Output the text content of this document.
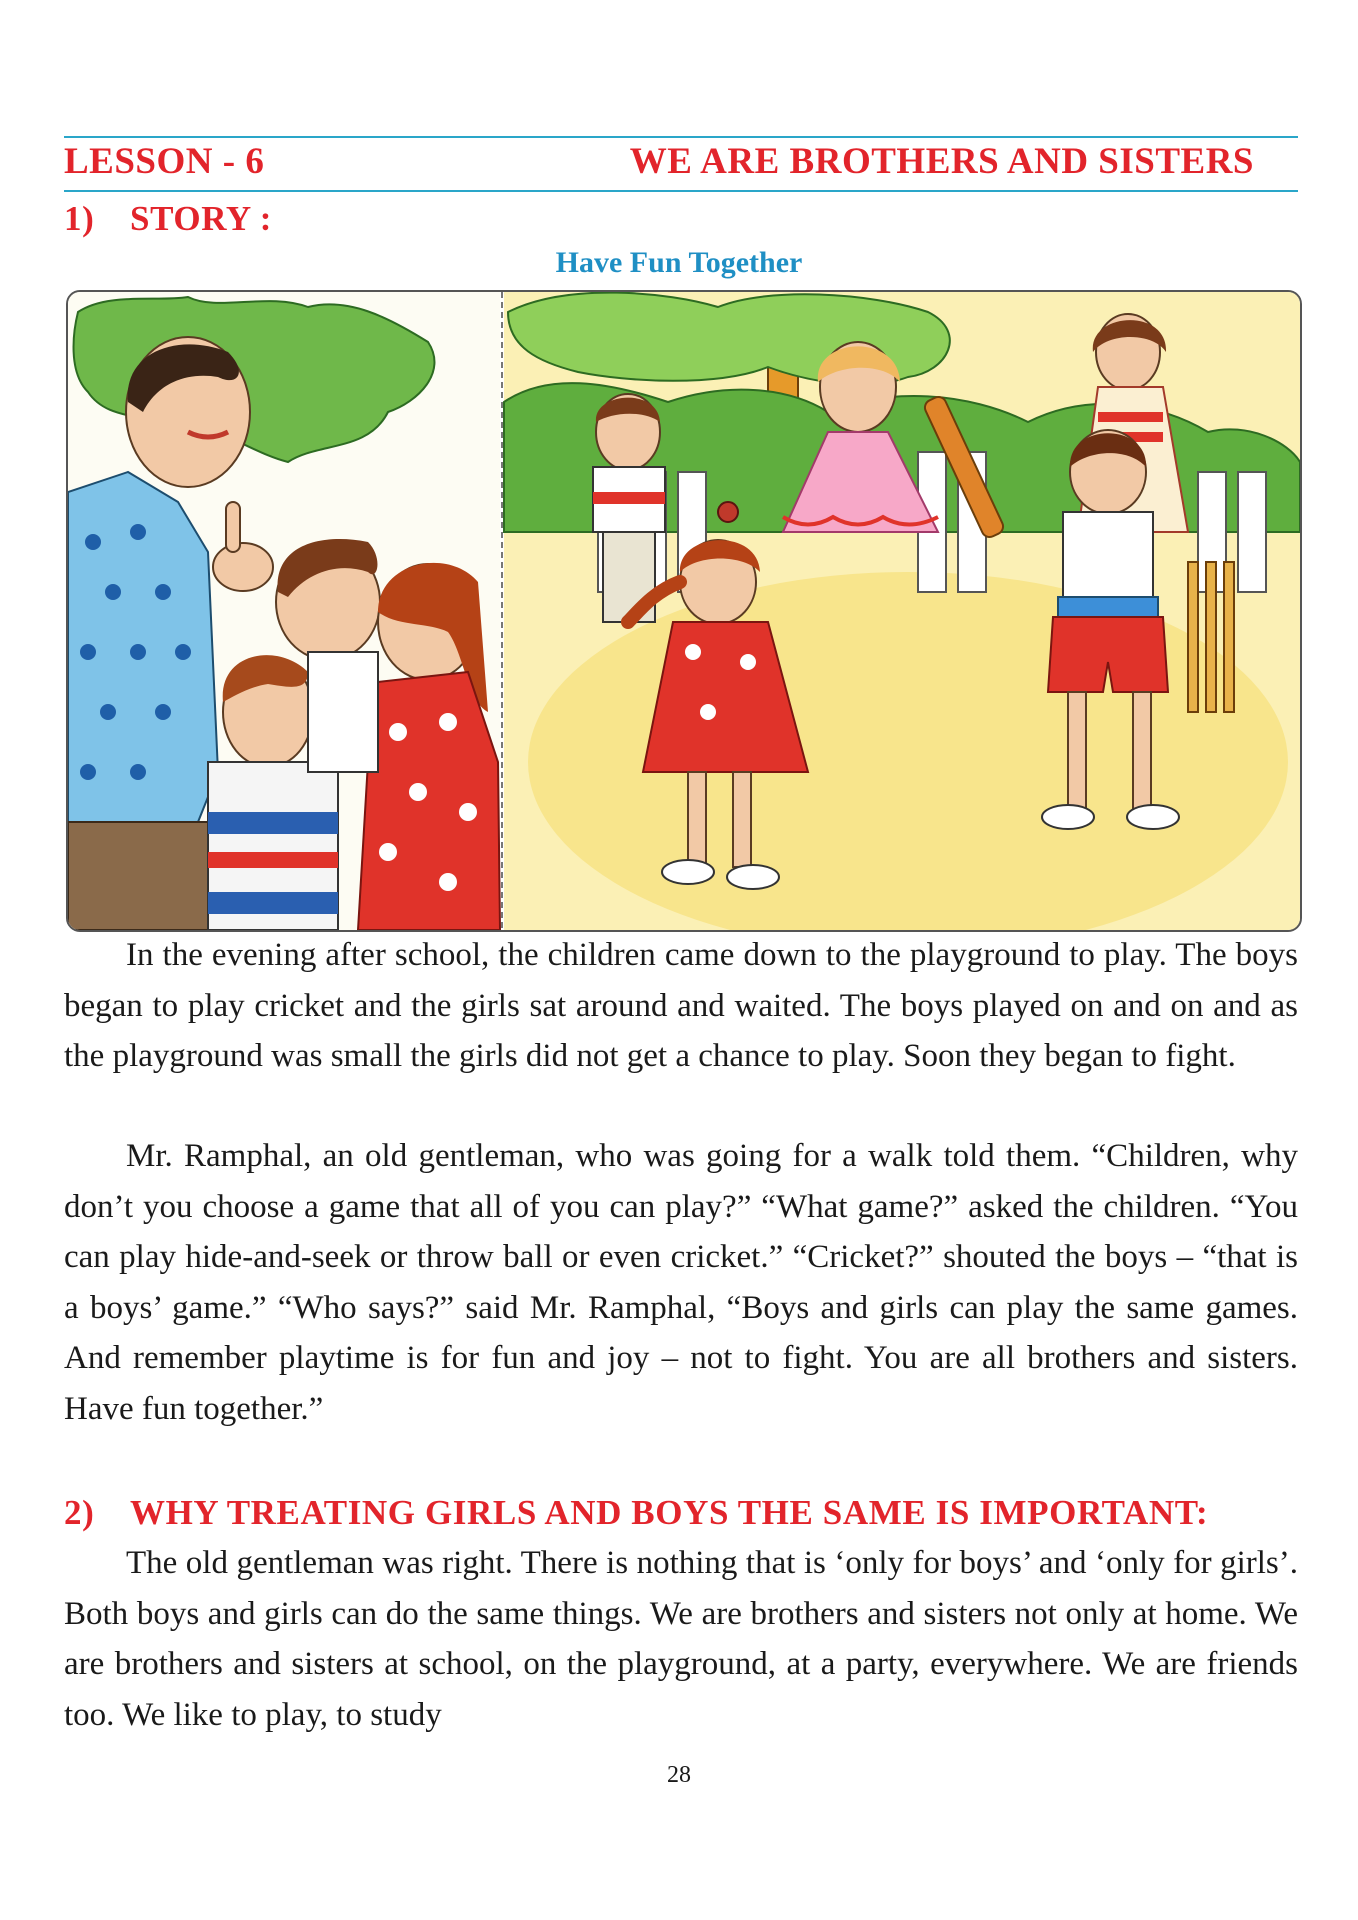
LESSON - 6	WE ARE BROTHERS AND SISTERS
1) STORY :
Have Fun Together

In the evening after school, the children came down to the playground to play. The boys began to play cricket and the girls sat around and waited. The boys played on and on and as the playground was small the girls did not get a chance to play. Soon they began to fight.

Mr. Ramphal, an old gentleman, who was going for a walk told them. “Children, why don’t you choose a game that all of you can play?” “What game?” asked the children. “You can play hide-and-seek or throw ball or even cricket.” “Cricket?” shouted the boys – “that is a boys’ game.” “Who says?” said Mr. Ramphal, “Boys and girls can play the same games. And remember playtime is for fun and joy – not to fight. You are all brothers and sisters. Have fun together.”

2) WHY TREATING GIRLS AND BOYS THE SAME IS IMPORTANT:

The old gentleman was right. There is nothing that is ‘only for boys’ and ‘only for girls’. Both boys and girls can do the same things. We are brothers and sisters not only at home. We are brothers and sisters at school, on the playground, at a party, everywhere. We are friends too. We like to play, to study

28
